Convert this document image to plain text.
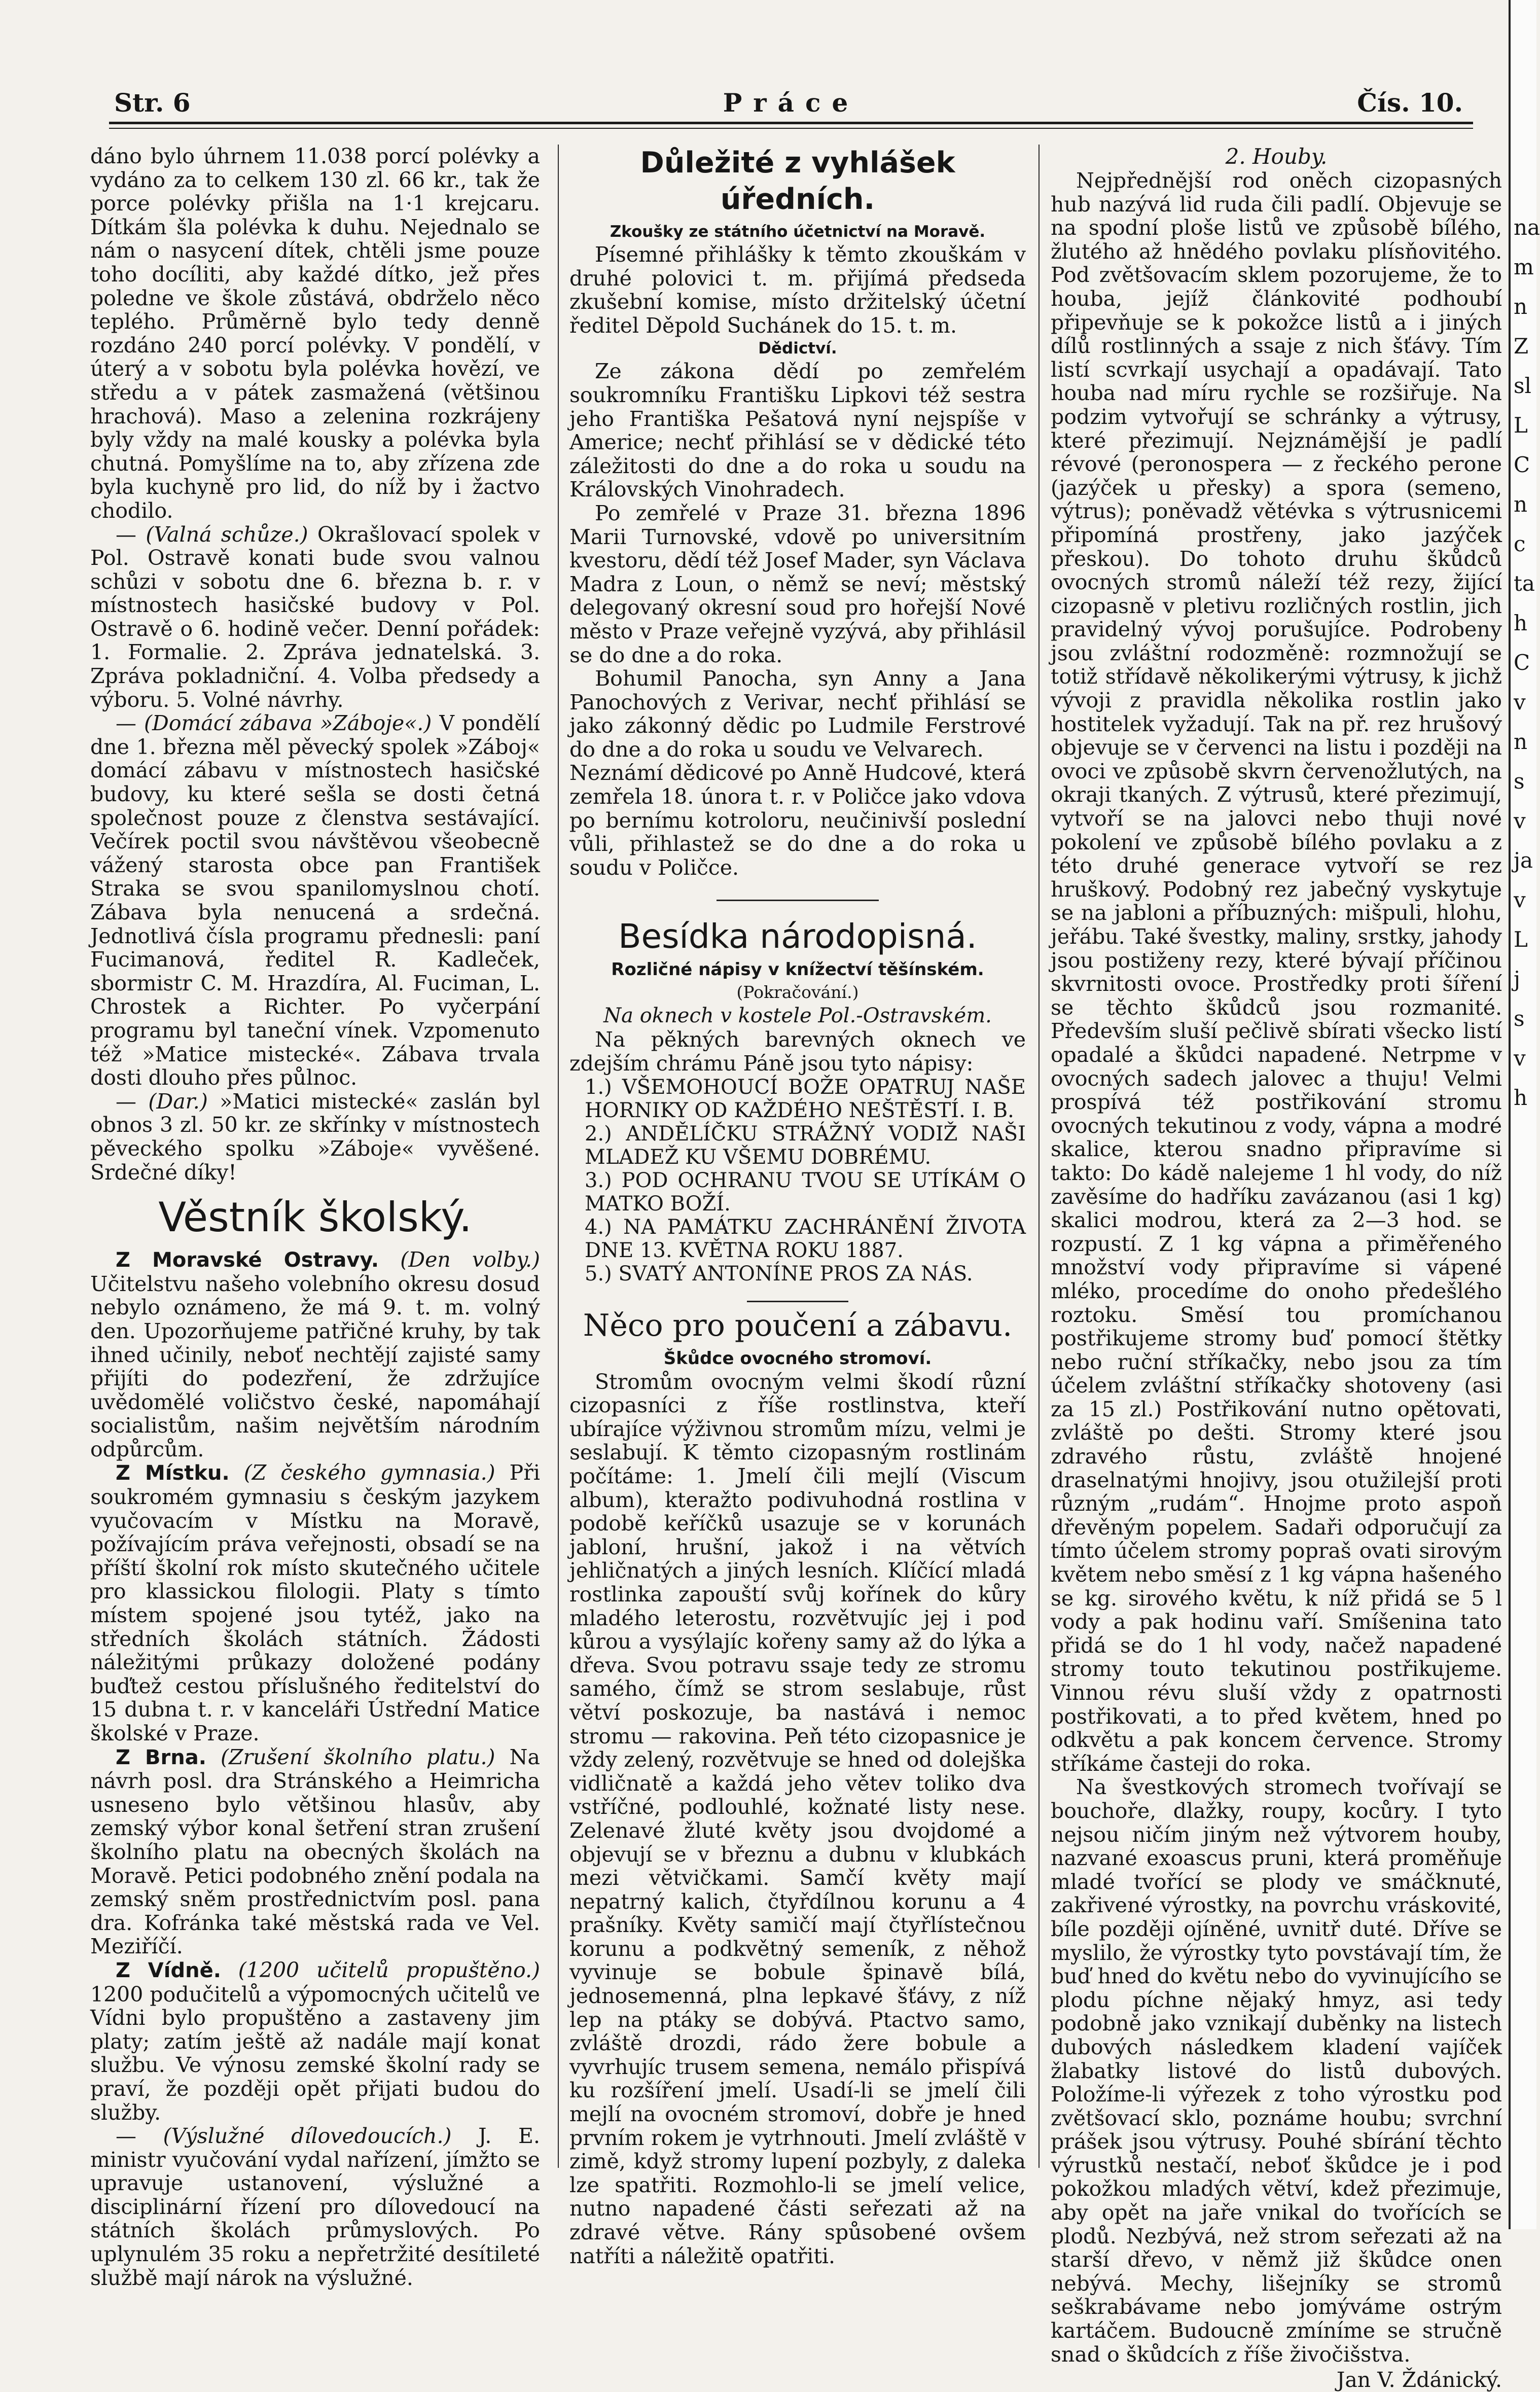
Str. 6	Práce	Čís. 10.

dáno bylo úhrnem 11.038 porcí polévky a vydáno za to celkem 130 zl. 66 kr., tak že porce polévky přišla na 1·1 krejcaru. Dítkám šla polévka k duhu. Nejednalo se nám o nasycení dítek, chtěli jsme pouze toho docíliti, aby každé dítko, jež přes poledne ve škole zůstává, obdrželo něco teplého. Průměrně bylo tedy denně rozdáno 240 porcí polévky. V pondělí, v úterý a v sobotu byla polévka hovězí, ve středu a v pátek zasmažená (většinou hrachová). Maso a zelenina rozkrájeny byly vždy na malé kousky a polévka byla chutná. Pomyšlíme na to, aby zřízena zde byla kuchyně pro lid, do níž by i žactvo chodilo.

— (Valná schůze.) Okrašlovací spolek v Pol. Ostravě konati bude svou valnou schůzi v sobotu dne 6. března b. r. v místnostech hasičské budovy v Pol. Ostravě o 6. hodině večer. Denní pořádek: 1. Formalie. 2. Zpráva jednatelská. 3. Zpráva pokladniční. 4. Volba předsedy a výboru. 5. Volné návrhy.

— (Domácí zábava »Záboje«.) V pondělí dne 1. března měl pěvecký spolek »Záboj« domácí zábavu v místnostech hasičské budovy, ku které sešla se dosti četná společnost pouze z členstva sestávající. Večírek poctil svou návštěvou všeobecně vážený starosta obce pan František Straka se svou spanilomyslnou chotí. Zábava byla nenucená a srdečná. Jednotlivá čísla programu přednesli: paní Fucimanová, ředitel R. Kadleček, sbormistr C. M. Hrazdíra, Al. Fuciman, L. Chrostek a Richter. Po vyčerpání programu byl taneční vínek. Vzpomenuto též »Matice mistecké«. Zábava trvala dosti dlouho přes půlnoc.

— (Dar.) »Matici mistecké« zaslán byl obnos 3 zl. 50 kr. ze skřínky v místnostech pěveckého spolku »Záboje« vyvěšené. Srdečné díky!

Věstník školský.

Z Moravské Ostravy. (Den volby.) Učitelstvu našeho volebního okresu dosud nebylo oznámeno, že má 9. t. m. volný den. Upozorňujeme patřičné kruhy, by tak ihned učinily, neboť nechtějí zajisté samy přijíti do podezření, že zdržujíce uvědomělé voličstvo české, napomáhají socialistům, našim největším národním odpůrcům.

Z Místku. (Z českého gymnasia.) Při soukromém gymnasiu s českým jazykem vyučovacím v Místku na Moravě, požívajícím práva veřejnosti, obsadí se na příští školní rok místo skutečného učitele pro klassickou filologii. Platy s tímto místem spojené jsou tytéž, jako na středních školách státních. Žádosti náležitými průkazy doložené podány buďtež cestou příslušného ředitelství do 15 dubna t. r. v kanceláři Ústřední Matice školské v Praze.

Z Brna. (Zrušení školního platu.) Na návrh posl. dra Stránského a Heimricha usneseno bylo většinou hlasův, aby zemský výbor konal šetření stran zrušení školního platu na obecných školách na Moravě. Petici podobného znění podala na zemský sněm prostřednictvím posl. pana dra. Kofránka také městská rada ve Vel. Meziříčí.

Z Vídně. (1200 učitelů propuštěno.) 1200 podučitelů a výpomocných učitelů ve Vídni bylo propuštěno a zastaveny jim platy; zatím ještě až nadále mají konat službu. Ve výnosu zemské školní rady se praví, že později opět přijati budou do služby.

— (Výslužné dílovedoucích.) J. E. ministr vyučování vydal nařízení, jímžto se upravuje ustanovení, výslužné a disciplinární řízení pro dílovedoucí na státních školách průmyslových. Po uplynulém 35 roku a nepřetržité desítileté službě mají nárok na výslužné.

Důležité z vyhlášek úředních.
Zkoušky ze státního účetnictví na Moravě.

Písemné přihlášky k těmto zkouškám v druhé polovici t. m. přijímá předseda zkušební komise, místo držitelský účetní ředitel Děpold Suchánek do 15. t. m.

Dědictví.

Ze zákona dědí po zemřelém soukromníku Františku Lipkovi též sestra jeho Františka Pešatová nyní nejspíše v Americe; nechť přihlásí se v dědické této záležitosti do dne a do roka u soudu na Královských Vinohradech.

Po zemřelé v Praze 31. března 1896 Marii Turnovské, vdově po universitním kvestoru, dědí též Josef Mader, syn Václava Madra z Loun, o němž se neví; městský delegovaný okresní soud pro hořejší Nové město v Praze veřejně vyzývá, aby přihlásil se do dne a do roka.

Bohumil Panocha, syn Anny a Jana Panochových z Verivar, nechť přihlásí se jako zákonný dědic po Ludmile Ferstrové do dne a do roka u soudu ve Velvarech.

Neznámí dědicové po Anně Hudcové, která zemřela 18. února t. r. v Poličce jako vdova po bernímu kotroloru, neučinivší poslední vůli, přihlastež se do dne a do roka u soudu v Poličce.

Besídka národopisná.
Rozličné nápisy v knížectví těšínském.
(Pokračování.)
Na oknech v kostele Pol.-Ostravském.

Na pěkných barevných oknech ve zdejším chrámu Páně jsou tyto nápisy:

1.) VŠEMOHOUCÍ BOŽE OPATRUJ NAŠE HORNIKY OD KAŽDÉHO NEŠTĚSTÍ. I. B.

2.) ANDĚLÍČKU STRÁŽNÝ VODIŽ NAŠI MLADEŽ KU VŠEMU DOBRÉMU.

3.) POD OCHRANU TVOU SE UTÍKÁM O MATKO BOŽÍ.

4.) NA PAMÁTKU ZACHRÁNĚNÍ ŽIVOTA DNE 13. KVĚTNA ROKU 1887.

5.) SVATÝ ANTONÍNE PROS ZA NÁS.

Něco pro poučení a zábavu.
Škůdce ovocného stromoví.

Stromům ovocným velmi škodí různí cizopasníci z říše rostlinstva, kteří ubírajíce výživnou stromům mízu, velmi je seslabují. K těmto cizopasným rostlinám počítáme: 1. Jmelí čili mejlí (Viscum album), kteražto podivuhodná rostlina v podobě keříčků usazuje se v korunách jabloní, hrušní, jakož i na větvích jehličnatých a jiných lesních. Klíčící mladá rostlinka zapouští svůj kořínek do kůry mladého leterostu, rozvětvujíc jej i pod kůrou a vysýlajíc kořeny samy až do lýka a dřeva. Svou potravu ssaje tedy ze stromu samého, čímž se strom seslabuje, růst větví poskozuje, ba nastává i nemoc stromu — rakovina. Peň této cizopasnice je vždy zelený, rozvětvuje se hned od dolejška vidličnatě a každá jeho větev toliko dva vstříčné, podlouhlé, kožnaté listy nese. Zelenavé žluté květy jsou dvojdomé a objevují se v březnu a dubnu v klubkách mezi větvičkami. Samčí květy mají nepatrný kalich, čtyřdílnou korunu a 4 prašníky. Květy samičí mají čtyřlístečnou korunu a podkvětný semeník, z něhož vyvinuje se bobule špinavě bílá, jednosemenná, plna lepkavé šťávy, z níž lep na ptáky se dobývá. Ptactvo samo, zvláště drozdi, rádo žere bobule a vyvrhujíc trusem semena, nemálo přispívá ku rozšíření jmelí. Usadí-li se jmelí čili mejlí na ovocném stromoví, dobře je hned prvním rokem je vytrhnouti. Jmelí zvláště v zimě, když stromy lupení pozbyly, z daleka lze spatřiti. Rozmohlo-li se jmelí velice, nutno napadené části seřezati až na zdravé větve. Rány spůsobené ovšem natříti a náležitě opatřiti.

2. Houby.

Nejpřednější rod oněch cizopasných hub nazývá lid ruda čili padlí. Objevuje se na spodní ploše listů ve způsobě bílého, žlutého až hnědého povlaku plísňovitého. Pod zvětšovacím sklem pozorujeme, že to houba, jejíž článkovité podhoubí připevňuje se k pokožce listů a i jiných dílů rostlinných a ssaje z nich šťávy. Tím listí scvrkají usychají a opadávají. Tato houba nad míru rychle se rozšiřuje. Na podzim vytvořují se schránky a výtrusy, které přezimují. Nejznámější je padlí révové (peronospera — z řeckého perone (jazýček u přesky) a spora (semeno, výtrus); poněvadž větévka s výtrusnicemi připomíná prostřeny, jako jazýček přeskou). Do tohoto druhu škůdců ovocných stromů náleží též rezy, žijící cizopasně v pletivu rozličných rostlin, jich pravidelný vývoj porušujíce. Podrobeny jsou zvláštní rodozměně: rozmnožují se totiž střídavě několikerými výtrusy, k jichž vývoji z pravidla několika rostlin jako hostitelek vyžadují. Tak na př. rez hrušový objevuje se v červenci na listu i později na ovoci ve způsobě skvrn červenožlutých, na okraji tkaných. Z výtrusů, které přezimují, vytvoří se na jalovci nebo thuji nové pokolení ve způsobě bílého povlaku a z této druhé generace vytvoří se rez hruškový. Podobný rez jabečný vyskytuje se na jabloni a příbuzných: mišpuli, hlohu, jeřábu. Také švestky, maliny, srstky, jahody jsou postiženy rezy, které bývají příčinou skvrnitosti ovoce. Prostředky proti šíření se těchto škůdců jsou rozmanité. Především sluší pečlivě sbírati všecko listí opadalé a škůdci napadené. Netrpme v ovocných sadech jalovec a thuju! Velmi prospívá též postřikování stromu ovocných tekutinou z vody, vápna a modré skalice, kterou snadno připravíme si takto: Do kádě nalejeme 1 hl vody, do níž zavěsíme do hadříku zavázanou (asi 1 kg) skalici modrou, která za 2—3 hod. se rozpustí. Z 1 kg vápna a přiměřeného množství vody připravíme si vápené mléko, procedíme do onoho předešlého roztoku. Směsí tou promíchanou postřikujeme stromy buď pomocí štětky nebo ruční stříkačky, nebo jsou za tím účelem zvláštní stříkačky shotoveny (asi za 15 zl.) Postřikování nutno opětovati, zvláště po dešti. Stromy které jsou zdravého růstu, zvláště hnojené draselnatými hnojivy, jsou otužilejší proti různým „rudám“. Hnojme proto aspoň dřevěným popelem. Sadaři odporučují za tímto účelem stromy popraš ovati sirovým květem nebo směsí z 1 kg vápna hašeného se kg. sirového květu, k níž přidá se 5 l vody a pak hodinu vaří. Smíšenina tato přidá se do 1 hl vody, načež napadené stromy touto tekutinou postřikujeme. Vinnou révu sluší vždy z opatrnosti postřikovati, a to před květem, hned po odkvětu a pak koncem července. Stromy stříkáme časteji do roka.

Na švestkových stromech tvořívají se bouchoře, dlažky, roupy, kocůry. I tyto nejsou ničím jiným než výtvorem houby, nazvané exoascus pruni, která proměňuje mladé tvořící se plody ve smáčknuté, zakřivené výrostky, na povrchu vráskovité, bíle později ojíněné, uvnitř duté. Dříve se myslilo, že výrostky tyto povstávají tím, že buď hned do květu nebo do vyvinujícího se plodu píchne nějaký hmyz, asi tedy podobně jako vznikají duběnky na listech dubových následkem kladení vajíček žlabatky listové do listů dubových. Položíme-li výřezek z toho výrostku pod zvětšovací sklo, poznáme houbu; svrchní prášek jsou výtrusy. Pouhé sbírání těchto výrustků nestačí, neboť škůdce je i pod pokožkou mladých větví, kdež přezimuje, aby opět na jaře vnikal do tvořících se plodů. Nezbývá, než strom seřezati až na starší dřevo, v němž již škůdce onen nebývá. Mechy, lišejníky se stromů seškrabávame nebo jomýváme ostrým kartáčem. Budoucně zmíníme se stručně snad o škůdcích z říše živočišstva.

Jan V. Ždánický.
na
m
n
Z
sl
L
C
n
c
ta
h
C
v
n
s
v
ja
v
L
j
s
v
h
